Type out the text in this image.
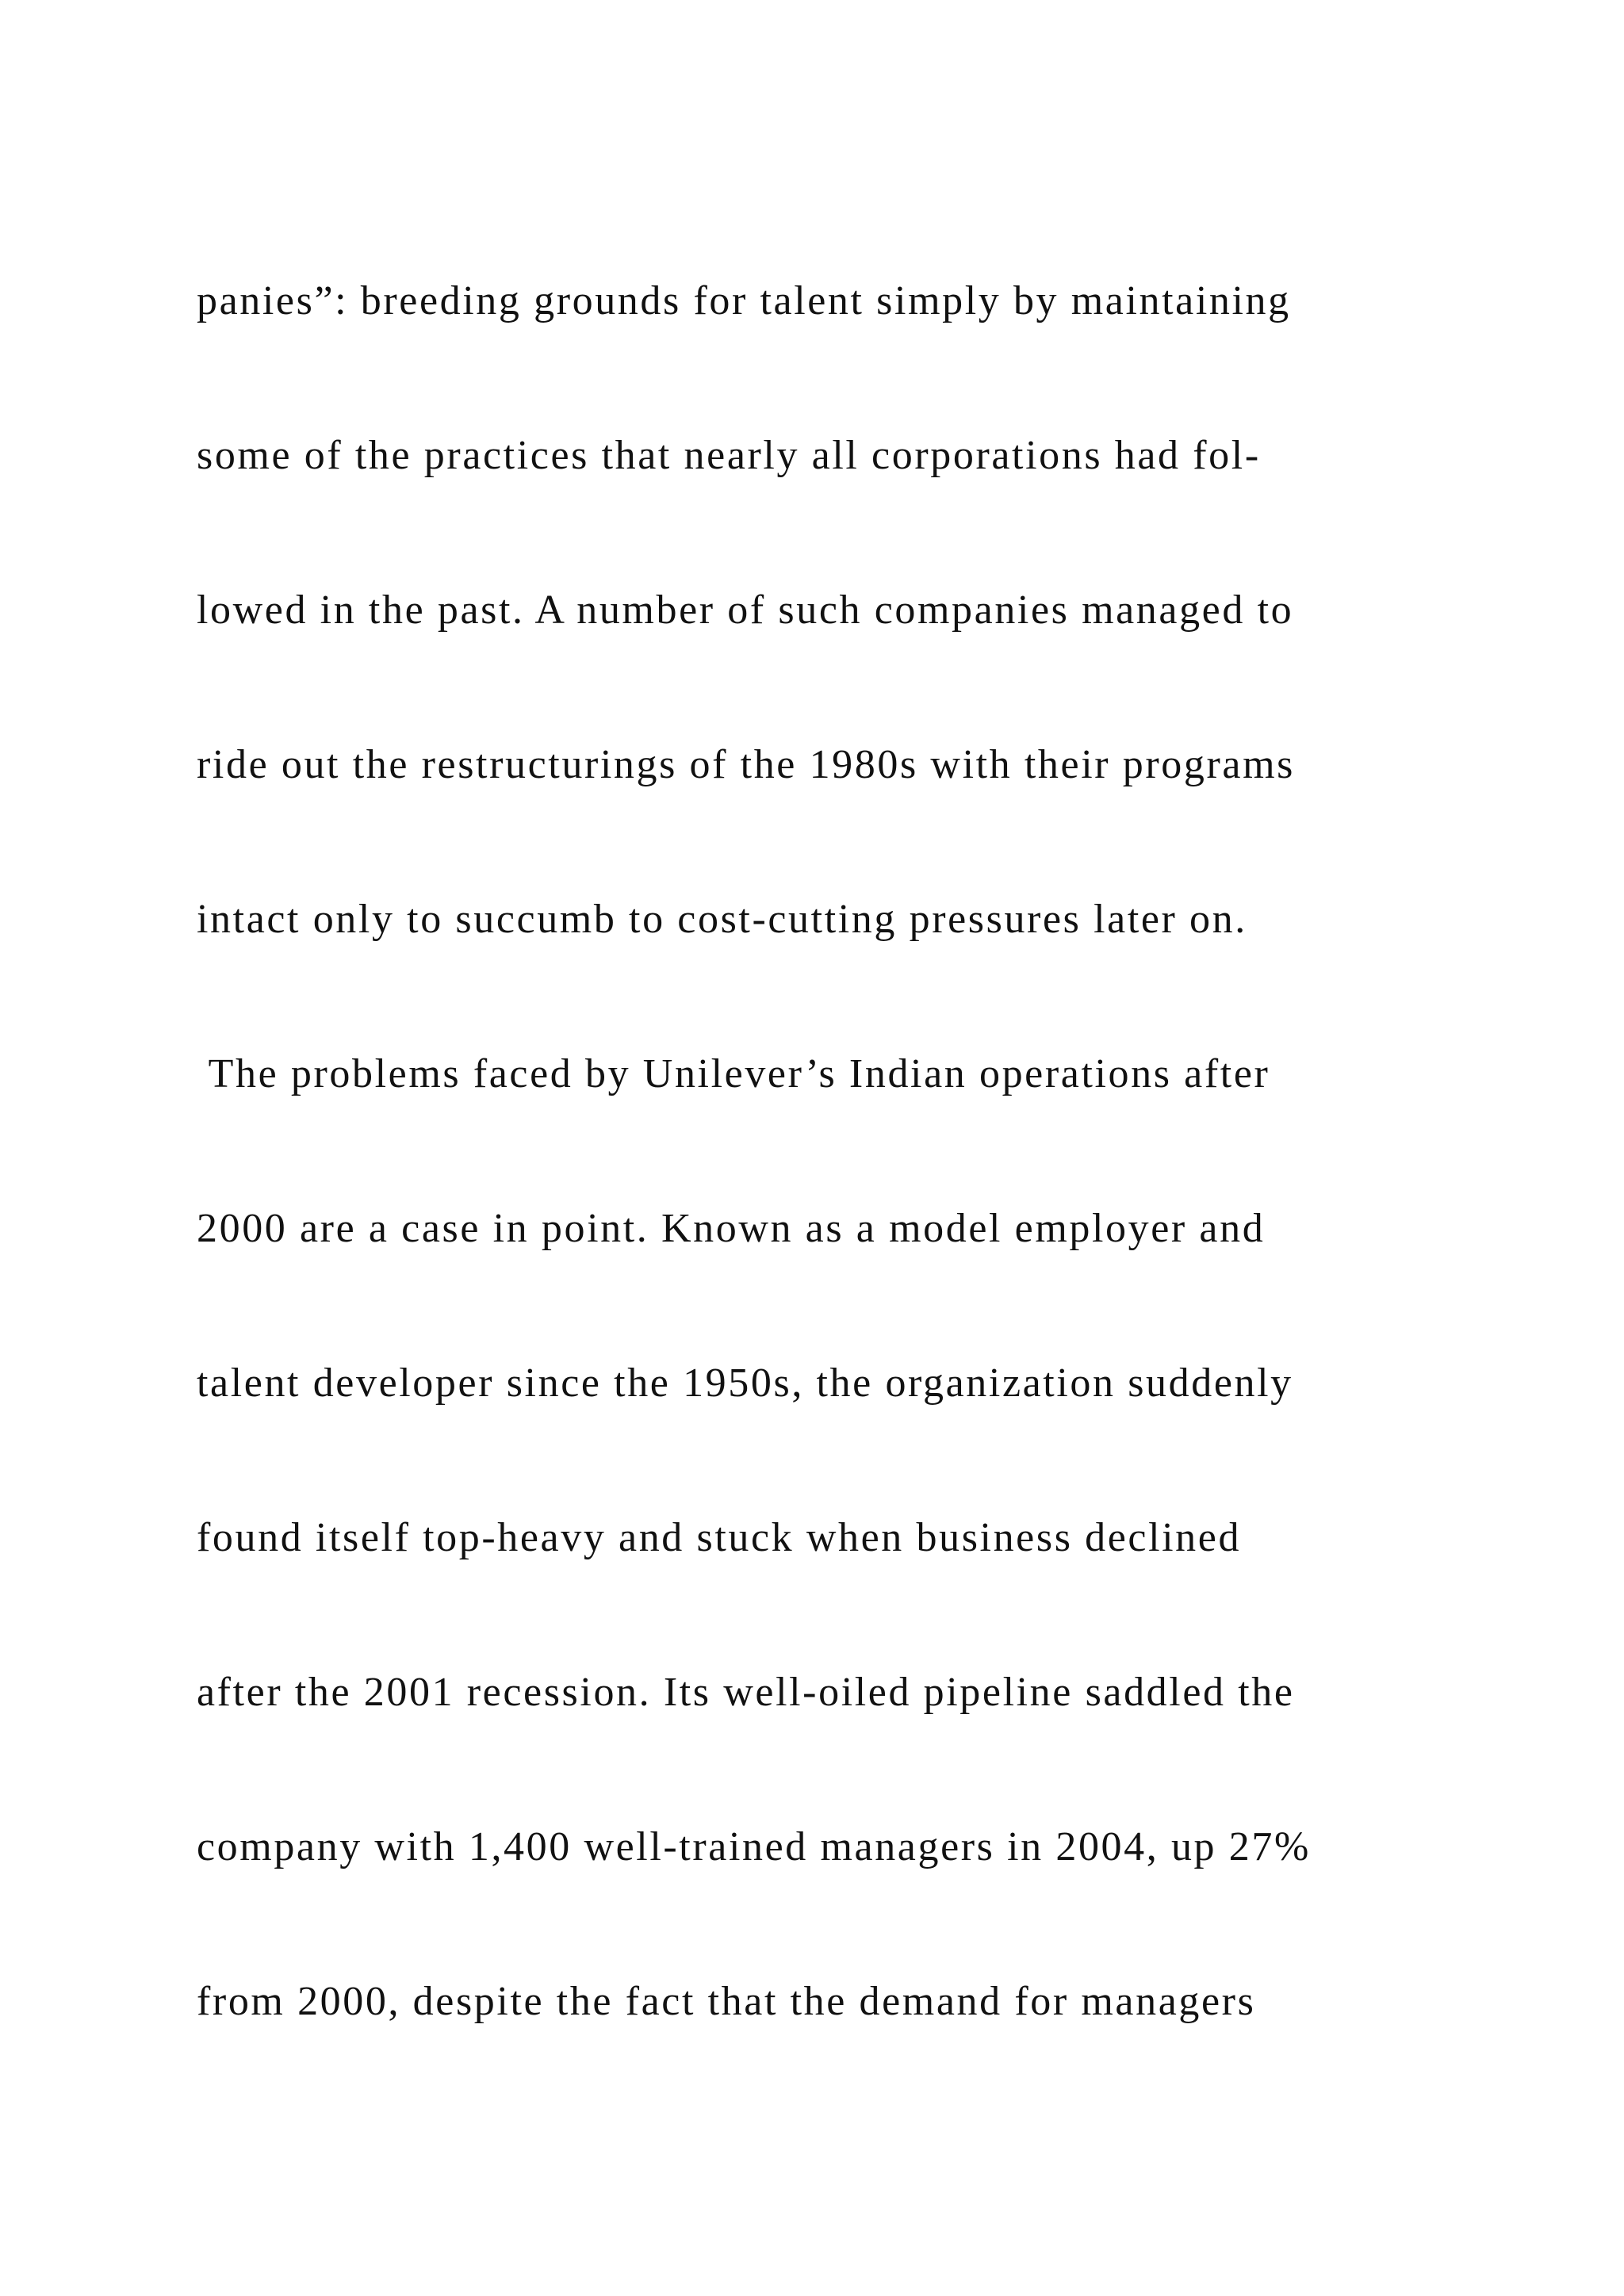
panies”: breeding grounds for talent simply by maintaining

some of the practices that nearly all corporations had fol-

lowed in the past. A number of such companies managed to

ride out the restructurings of the 1980s with their programs

intact only to succumb to cost-cutting pressures later on.

The problems faced by Unilever’s Indian operations after

2000 are a case in point. Known as a model employer and

talent developer since the 1950s, the organization suddenly

found itself top-heavy and stuck when business declined

after the 2001 recession. Its well-oiled pipeline saddled the

company with 1,400 well-trained managers in 2004, up 27%

from 2000, despite the fact that the demand for managers
